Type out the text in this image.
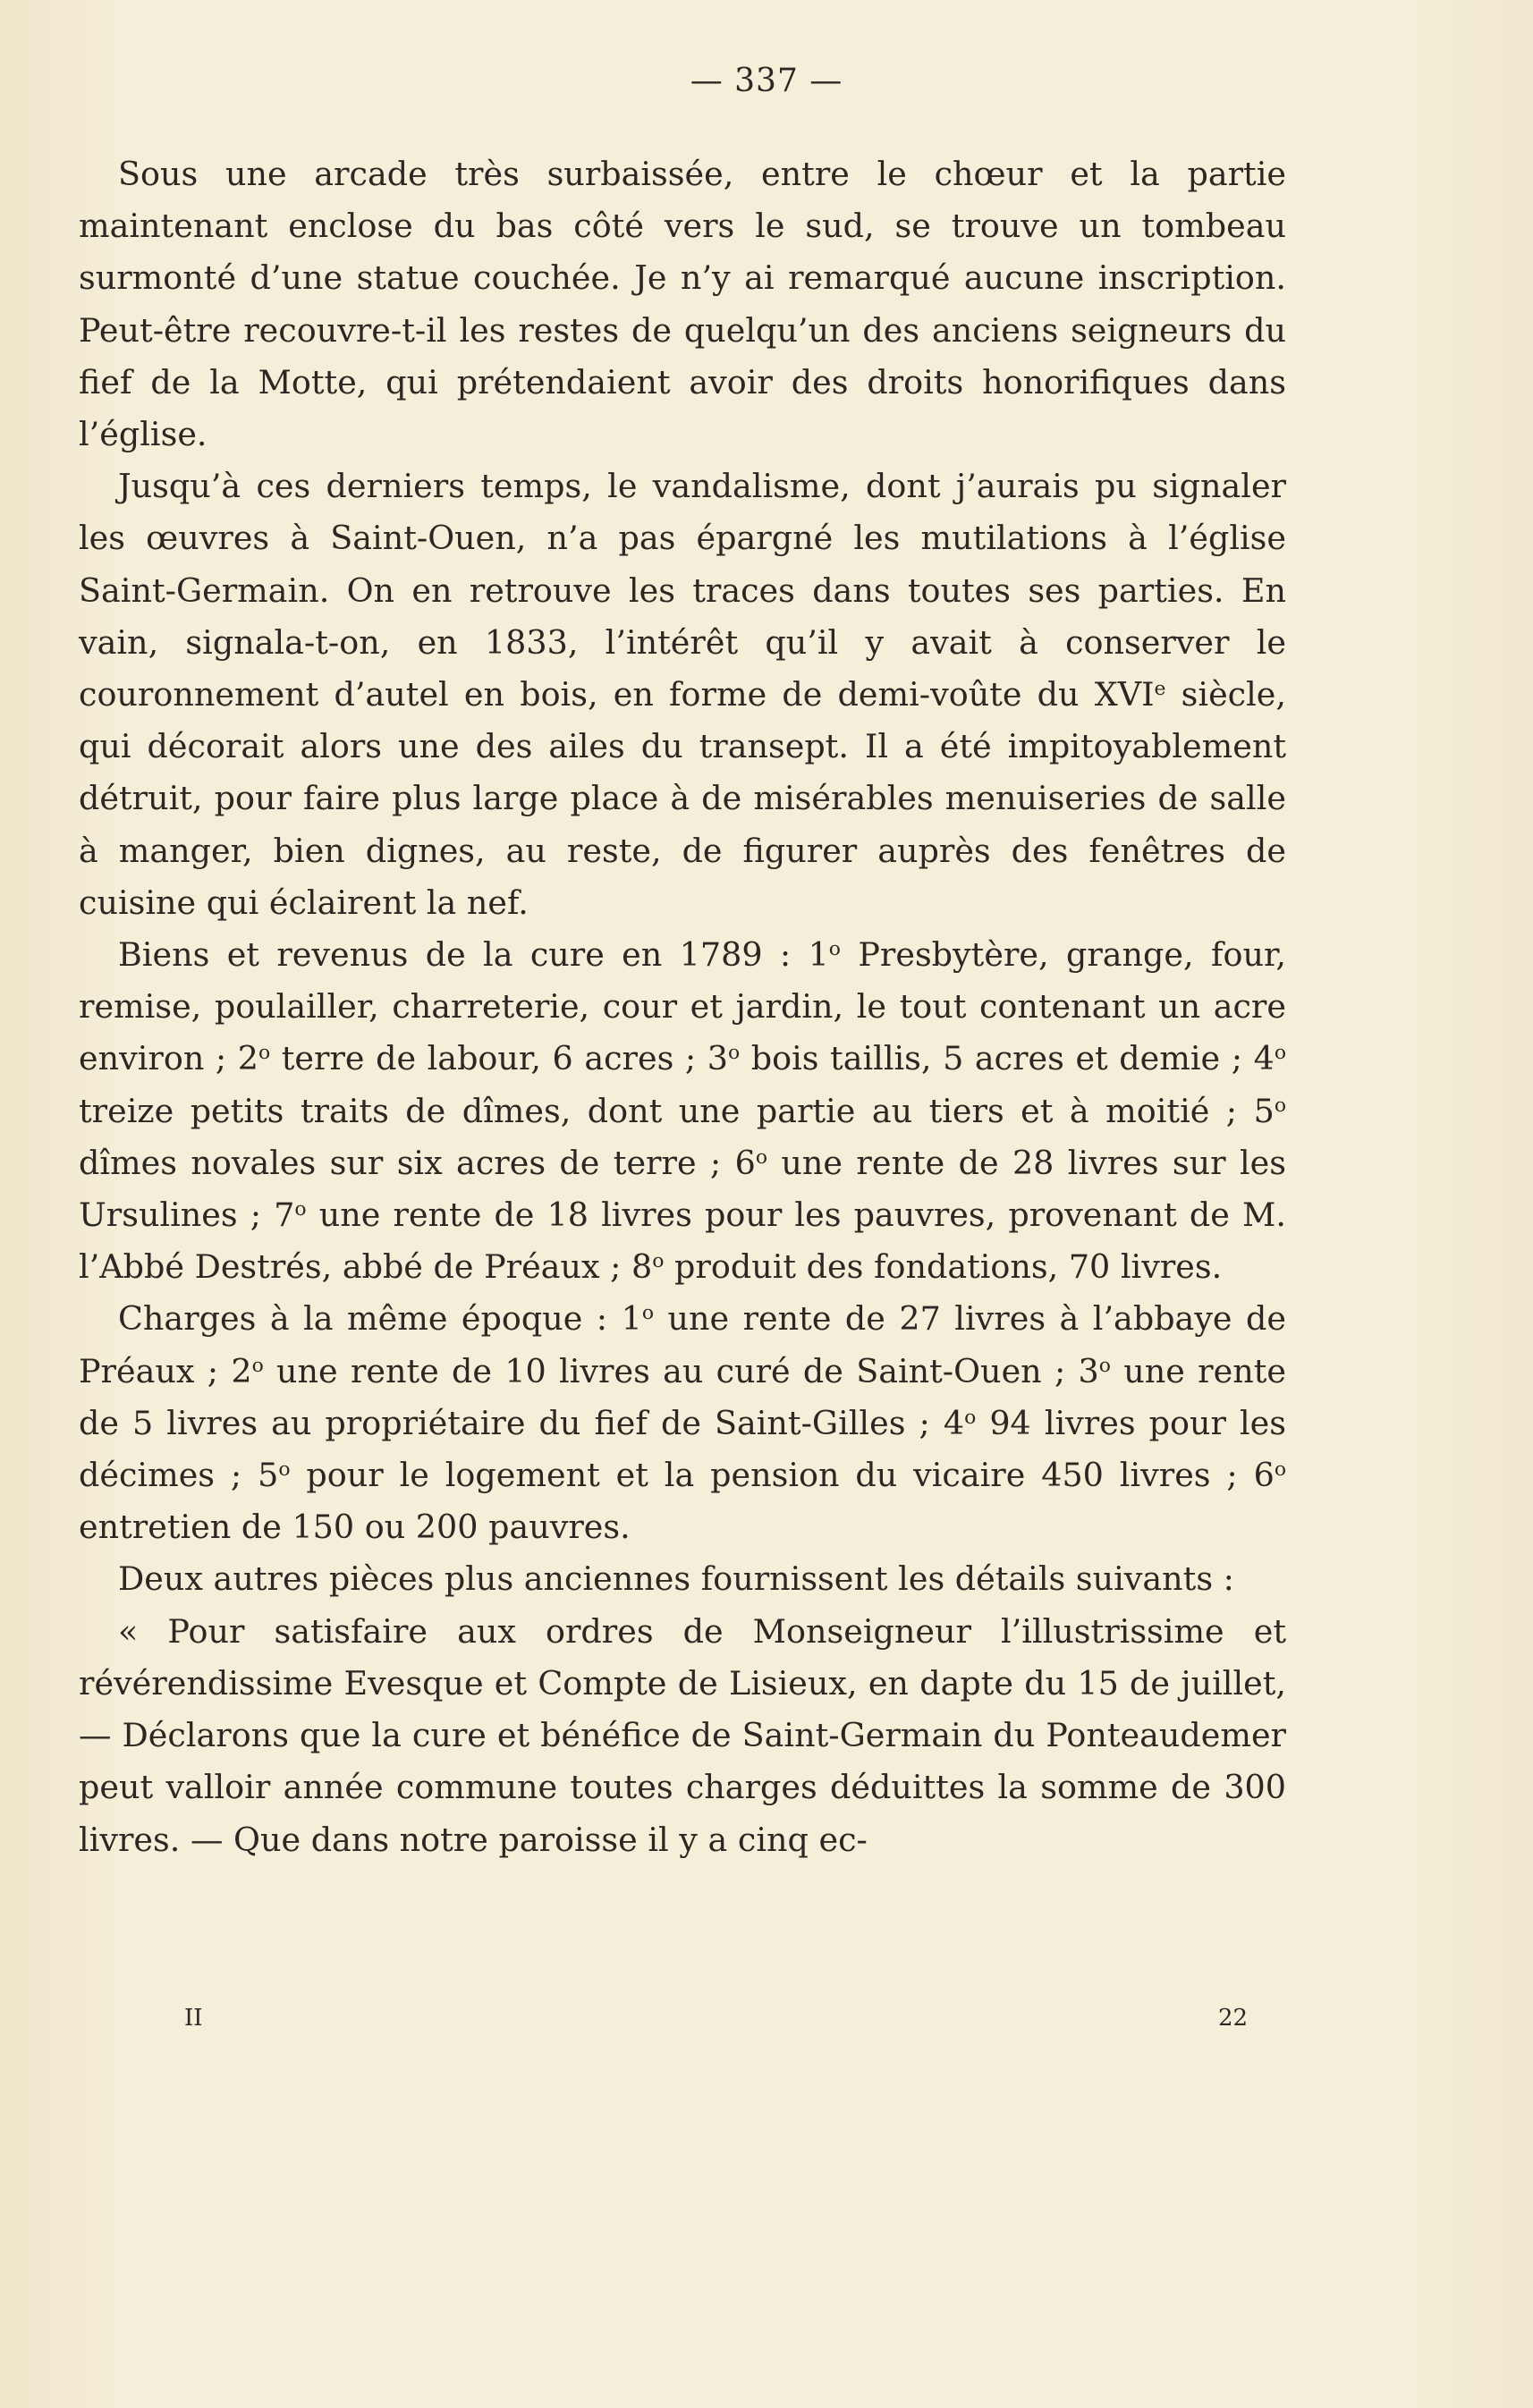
— 337 —

Sous une arcade très surbaissée, entre le chœur et la partie maintenant enclose du bas côté vers le sud, se trouve un tombeau surmonté d’une statue couchée. Je n’y ai remarqué aucune inscription. Peut-être recouvre-t-il les restes de quelqu’un des anciens seigneurs du fief de la Motte, qui prétendaient avoir des droits honorifiques dans l’église.

Jusqu’à ces derniers temps, le vandalisme, dont j’aurais pu signaler les œuvres à Saint-Ouen, n’a pas épargné les mutilations à l’église Saint-Germain. On en retrouve les traces dans toutes ses parties. En vain, signala-t-on, en 1833, l’intérêt qu’il y avait à conserver le couronnement d’autel en bois, en forme de demi-voûte du XVIe siècle, qui décorait alors une des ailes du transept. Il a été impitoyablement détruit, pour faire plus large place à de misérables menuiseries de salle à manger, bien dignes, au reste, de figurer auprès des fenêtres de cuisine qui éclairent la nef.

Biens et revenus de la cure en 1789 : 1$^o$ Presbytère, grange, four, remise, poulailler, charreterie, cour et jardin, le tout contenant un acre environ ; 2$^o$ terre de labour, 6 acres ; 3$^o$ bois taillis, 5 acres et demie ; 4$^o$ treize petits traits de dîmes, dont une partie au tiers et à moitié ; 5$^o$ dîmes novales sur six acres de terre ; 6$^o$ une rente de 28 livres sur les Ursulines ; 7$^o$ une rente de 18 livres pour les pauvres, provenant de M. l’Abbé Destrés, abbé de Préaux ; 8$^o$ produit des fondations, 70 livres.

Charges à la même époque : 1$^o$ une rente de 27 livres à l’abbaye de Préaux ; 2$^o$ une rente de 10 livres au curé de Saint-Ouen ; 3$^o$ une rente de 5 livres au propriétaire du fief de Saint-Gilles ; 4$^o$ 94 livres pour les décimes ; 5$^o$ pour le logement et la pension du vicaire 450 livres ; 6$^o$ entretien de 150 ou 200 pauvres.

Deux autres pièces plus anciennes fournissent les détails suivants :

« Pour satisfaire aux ordres de Monseigneur l’illustrissime et révérendissime Evesque et Compte de Lisieux, en dapte du 15 de juillet, — Déclarons que la cure et bénéfice de Saint-Germain du Ponteaudemer peut valloir année commune toutes charges déduittes la somme de 300 livres. — Que dans notre paroisse il y a cinq ec-

II	22
